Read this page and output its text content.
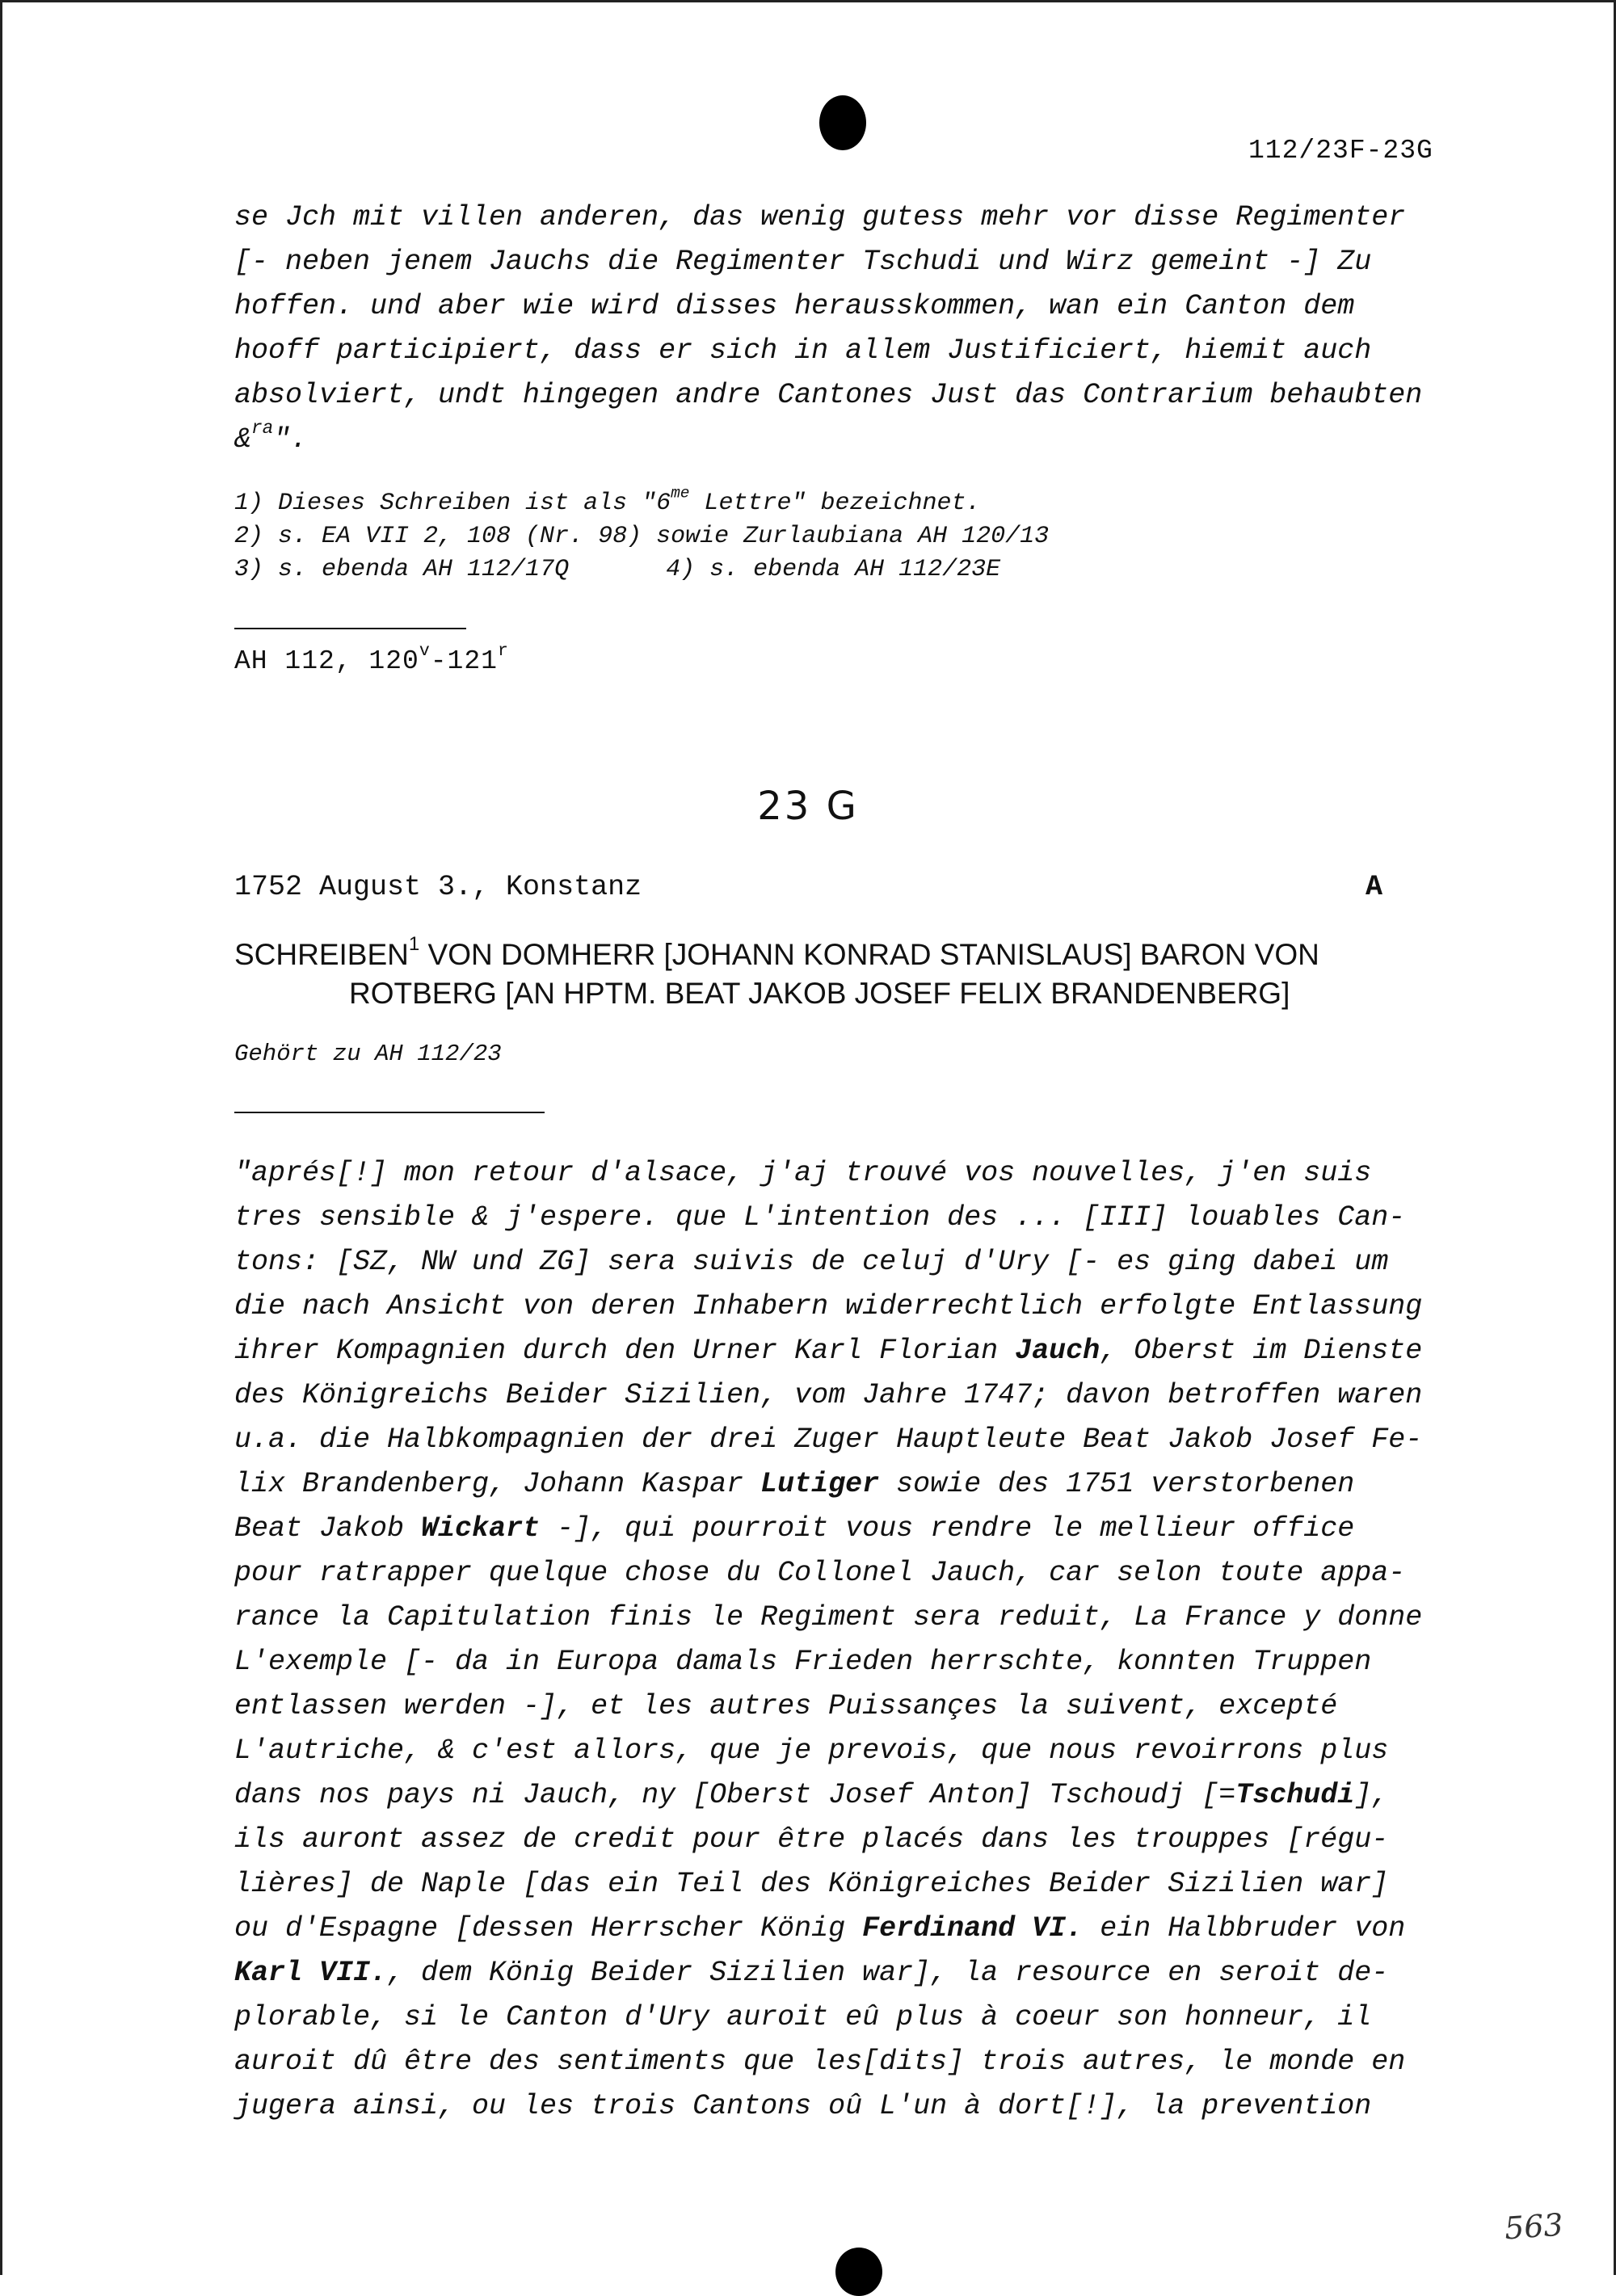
112/23F-23G

se Jch mit villen anderen, das wenig gutess mehr vor disse Regimenter

[- neben jenem Jauchs die Regimenter Tschudi und Wirz gemeint -] Zu

hoffen. und aber wie wird disses herausskommen, wan ein Canton dem

hooff participiert, dass er sich in allem Justificiert, hiemit auch

absolviert, undt hingegen andre Cantones Just das Contrarium behaubten

&$^{ra}$".

1) Dieses Schreiben ist als "$6^{me}$ Lettre" bezeichnet.

2) s. EA VII 2, 108 (Nr. 98) sowie Zurlaubiana AH 120/13

3) s. ebenda AH 112/17Q	4) s. ebenda AH 112/23E

AH 112, 120$^v$-121$^r$
23 G
1752 August 3., Konstanz	A
SCHREIBEN$^1$ VON DOMHERR [JOHANN KONRAD STANISLAUS] BARON VON
ROTBERG [AN HPTM. BEAT JAKOB JOSEF FELIX BRANDENBERG]
Gehört zu AH 112/23

"aprés[!] mon retour d'alsace, j'aj trouvé vos nouvelles, j'en suis

tres sensible & j'espere. que L'intention des ... [III] louables Can-

tons: [SZ, NW und ZG] sera suivis de celuj d'Ury [- es ging dabei um

die nach Ansicht von deren Inhabern widerrechtlich erfolgte Entlassung

ihrer Kompagnien durch den Urner Karl Florian Jauch, Oberst im Dienste

des Königreichs Beider Sizilien, vom Jahre 1747; davon betroffen waren

u.a. die Halbkompagnien der drei Zuger Hauptleute Beat Jakob Josef Fe-

lix Brandenberg, Johann Kaspar Lutiger sowie des 1751 verstorbenen

Beat Jakob Wickart -], qui pourroit vous rendre le mellieur office

pour ratrapper quelque chose du Collonel Jauch, car selon toute appa-

rance la Capitulation finis le Regiment sera reduit, La France y donne

L'exemple [- da in Europa damals Frieden herrschte, konnten Truppen

entlassen werden -], et les autres Puissançes la suivent, excepté

L'autriche, & c'est allors, que je prevois, que nous revoirrons plus

dans nos pays ni Jauch, ny [Oberst Josef Anton] Tschoudj [=Tschudi],

ils auront assez de credit pour être placés dans les trouppes [régu-

lières] de Naple [das ein Teil des Königreiches Beider Sizilien war]

ou d'Espagne [dessen Herrscher König Ferdinand VI. ein Halbbruder von

Karl VII., dem König Beider Sizilien war], la resource en seroit de-

plorable, si le Canton d'Ury auroit eû plus à coeur son honneur, il

auroit dû être des sentiments que les[dits] trois autres, le monde en

jugera ainsi, ou les trois Cantons oû L'un à dort[!], la prevention

563
